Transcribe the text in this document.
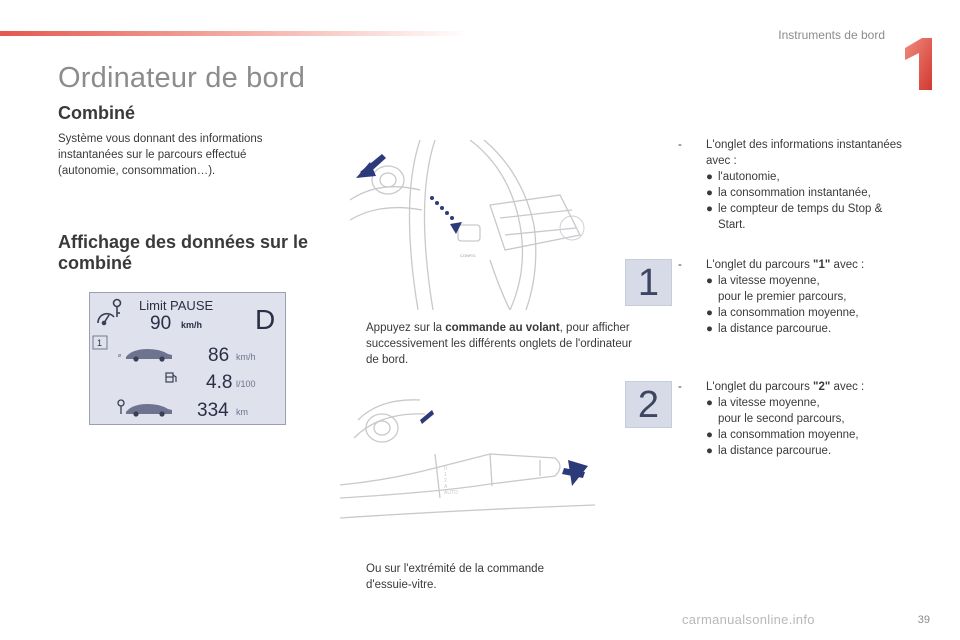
Instruments de bord
Ordinateur de bord
Combiné

Système vous donnant des informations instantanées sur le parcours effectué (autonomie, consommation…).

Affichage des données sur le combiné
Limit PAUSE
90 km/h D
1
ø	86 km/h
4.8 l/100
334 km
CONFIG
0
1
2
A
AUTO
Appuyez sur la commande au volant, pour afficher successivement les différents onglets de l'ordinateur de bord.
Ou sur l'extrémité de la commande d'essuie-vitre.
-	L'onglet des informations instantanées avec :
● l'autonomie,
● la consommation instantanée,
● le compteur de temps du Stop & Start.
1	-	L'onglet du parcours "1" avec :
● la vitesse moyenne,
pour le premier parcours,
● la consommation moyenne,
● la distance parcourue.
2	-	L'onglet du parcours "2" avec :
● la vitesse moyenne,
pour le second parcours,
● la consommation moyenne,
● la distance parcourue.
carmanualsonline.info	39
